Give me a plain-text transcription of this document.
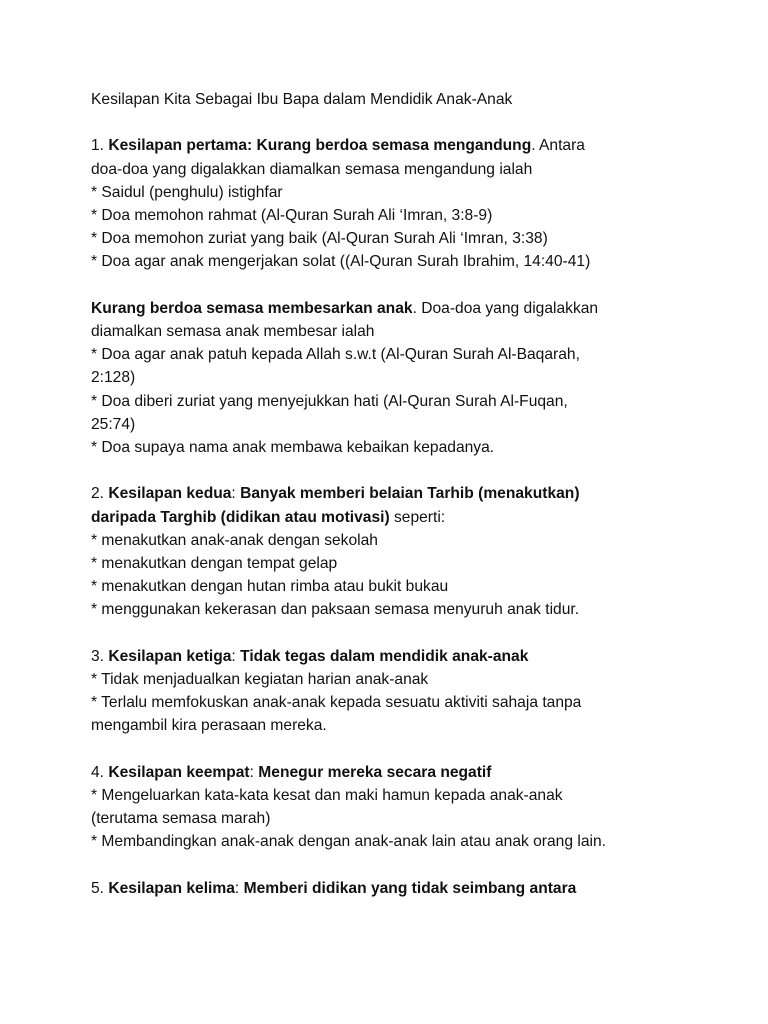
Kesilapan Kita Sebagai Ibu Bapa dalam Mendidik Anak-Anak
1. Kesilapan pertama: Kurang berdoa semasa mengandung. Antara
doa-doa yang digalakkan diamalkan semasa mengandung ialah
* Saidul (penghulu) istighfar
* Doa memohon rahmat (Al-Quran Surah Ali ‘Imran, 3:8-9)
* Doa memohon zuriat yang baik (Al-Quran Surah Ali ‘Imran, 3:38)
* Doa agar anak mengerjakan solat ((Al-Quran Surah Ibrahim, 14:40-41)
Kurang berdoa semasa membesarkan anak. Doa-doa yang digalakkan
diamalkan semasa anak membesar ialah
* Doa agar anak patuh kepada Allah s.w.t (Al-Quran Surah Al-Baqarah,
2:128)
* Doa diberi zuriat yang menyejukkan hati (Al-Quran Surah Al-Fuqan,
25:74)
* Doa supaya nama anak membawa kebaikan kepadanya.
2. Kesilapan kedua: Banyak memberi belaian Tarhib (menakutkan)
daripada Targhib (didikan atau motivasi) seperti:
* menakutkan anak-anak dengan sekolah
* menakutkan dengan tempat gelap
* menakutkan dengan hutan rimba atau bukit bukau
* menggunakan kekerasan dan paksaan semasa menyuruh anak tidur.
3. Kesilapan ketiga: Tidak tegas dalam mendidik anak-anak
* Tidak menjadualkan kegiatan harian anak-anak
* Terlalu memfokuskan anak-anak kepada sesuatu aktiviti sahaja tanpa
mengambil kira perasaan mereka.
4. Kesilapan keempat: Menegur mereka secara negatif
* Mengeluarkan kata-kata kesat dan maki hamun kepada anak-anak
(terutama semasa marah)
* Membandingkan anak-anak dengan anak-anak lain atau anak orang lain.
5. Kesilapan kelima: Memberi didikan yang tidak seimbang antara
